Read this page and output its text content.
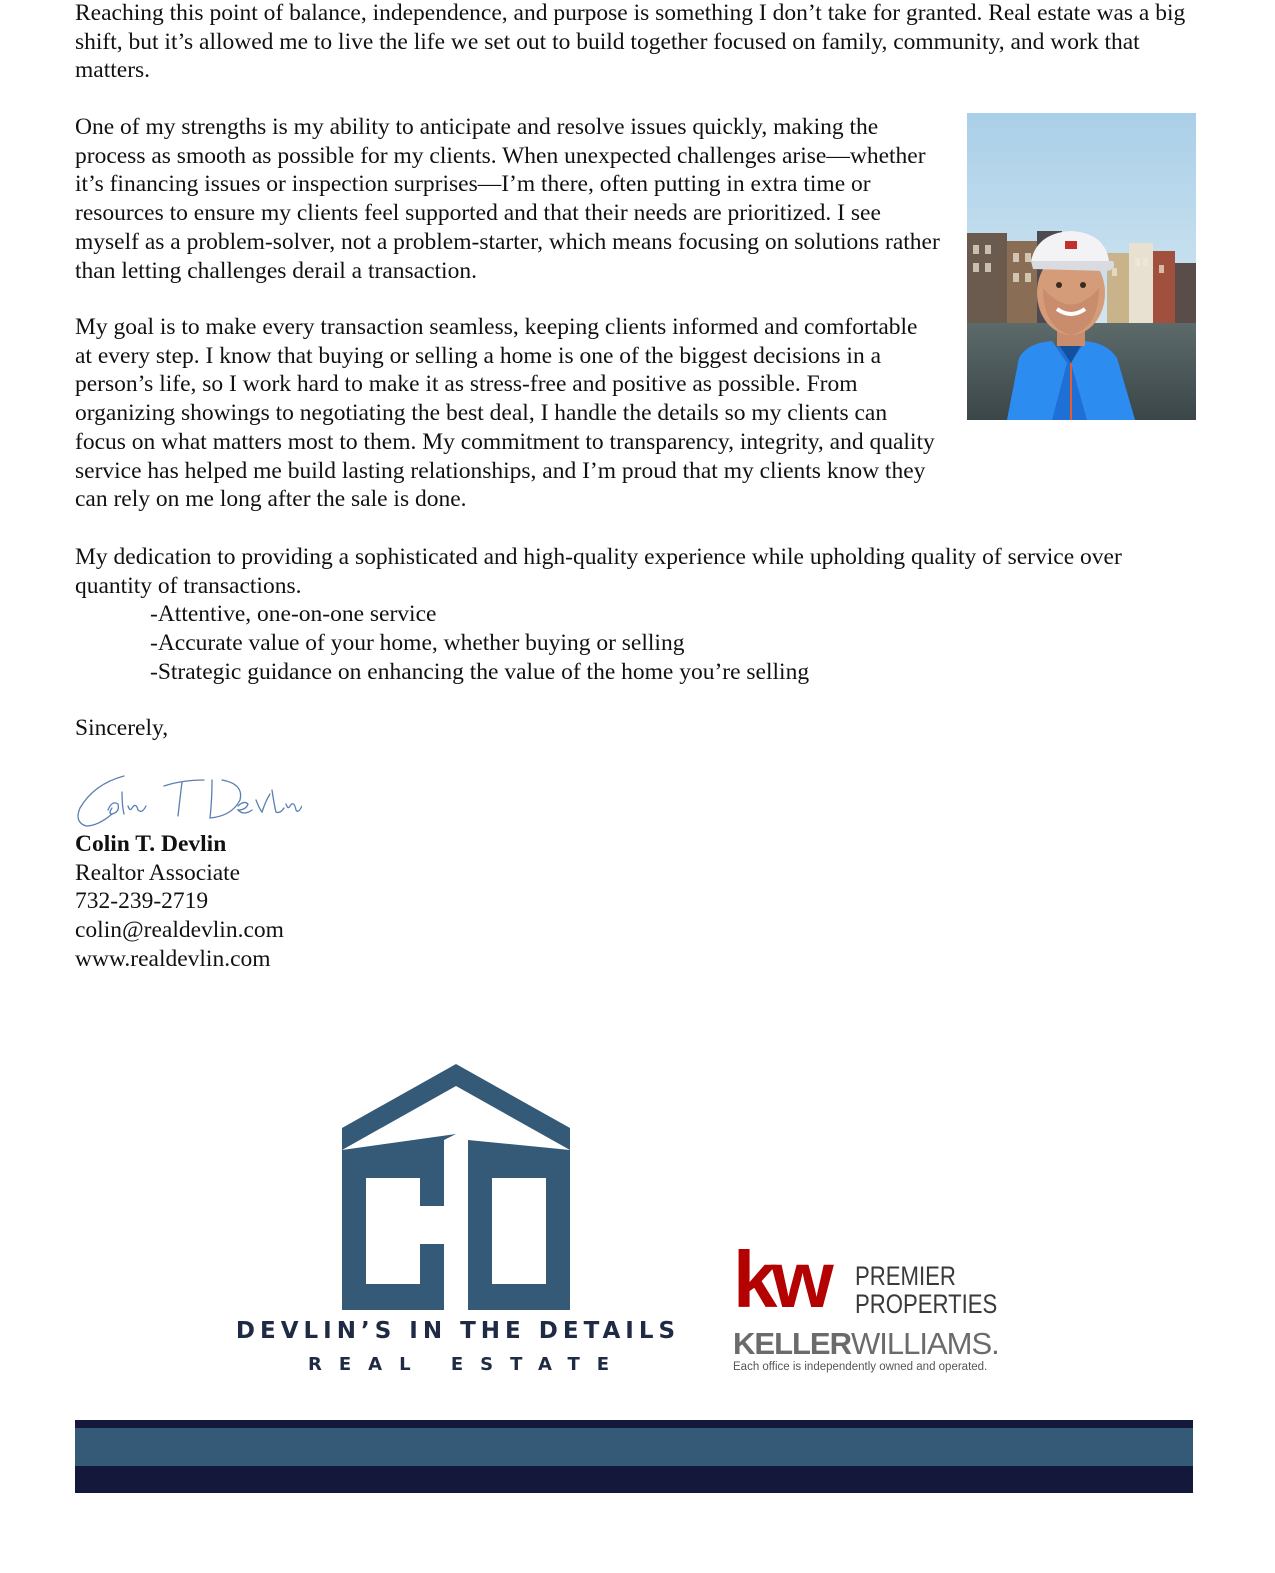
Reaching this point of balance, independence, and purpose is something I don’t take for granted. Real estate was a big shift, but it’s allowed me to live the life we set out to build together focused on family, community, and work that matters.

One of my strengths is my ability to anticipate and resolve issues quickly, making the process as smooth as possible for my clients. When unexpected challenges arise—whether it’s financing issues or inspection surprises—I’m there, often putting in extra time or resources to ensure my clients feel supported and that their needs are prioritized. I see myself as a problem-solver, not a problem-starter, which means focusing on solutions rather than letting challenges derail a transaction.

My goal is to make every transaction seamless, keeping clients informed and comfortable at every step. I know that buying or selling a home is one of the biggest decisions in a person’s life, so I work hard to make it as stress-free and positive as possible. From organizing showings to negotiating the best deal, I handle the details so my clients can focus on what matters most to them. My commitment to transparency, integrity, and quality service has helped me build lasting relationships, and I’m proud that my clients know they can rely on me long after the sale is done.

My dedication to providing a sophisticated and high-quality experience while upholding quality of service over quantity of transactions.

-Attentive, one-on-one service
-Accurate value of your home, whether buying or selling
-Strategic guidance on enhancing the value of the home you’re selling
Sincerely,
Colin T. Devlin
Realtor Associate
732-239-2719
colin@realdevlin.com
www.realdevlin.com
DEVLIN’S IN THE DETAILS
REAL ESTATE
kw PREMIER
PROPERTIES
KELLERWILLIAMS.
Each office is independently owned and operated.
